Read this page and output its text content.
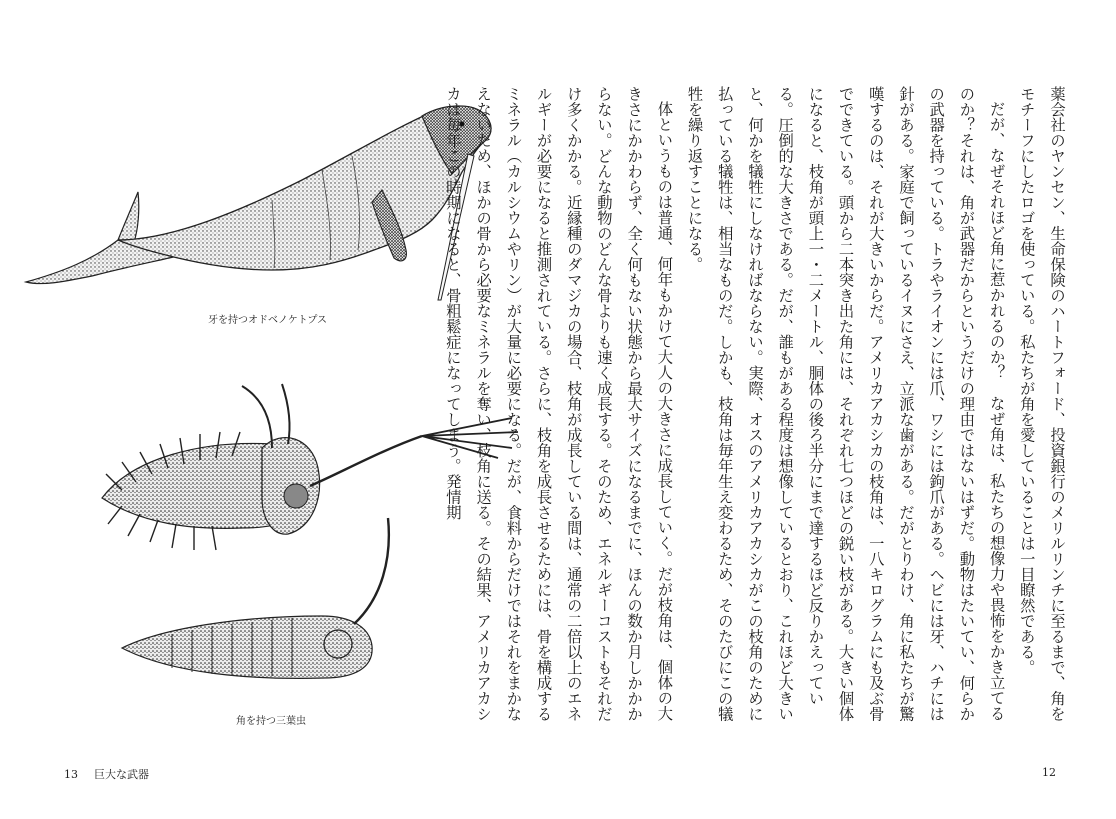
牙を持つオドベノケトプス
角を持つ三葉虫
13 巨大な武器

薬会社のヤンセン、生命保険のハートフォード、投資銀行のメリルリンチに至るまで、角をモチーフにしたロゴを使っている。私たちが角を愛していることは一目瞭然である。

だが、なぜそれほど角に惹かれるのか？　なぜ角は、私たちの想像力や畏怖をかき立てるのか？それは、角が武器だからというだけの理由ではないはずだ。動物はたいてい、何らかの武器を持っている。トラやライオンには爪、ワシには鉤爪がある。ヘビには牙、ハチには針がある。家庭で飼っているイヌにさえ、立派な歯がある。だがとりわけ、角に私たちが驚嘆するのは、それが大きいからだ。アメリカアカシカの枝角は、一八キログラムにも及ぶ骨でできている。頭から二本突き出た角には、それぞれ七つほどの鋭い枝がある。大きい個体になると、枝角が頭上一・二メートル、胴体の後ろ半分にまで達するほど反りかえっている。圧倒的な大きさである。だが、誰もがある程度は想像しているとおり、これほど大きいと、何かを犠牲にしなければならない。実際、オスのアメリカアカシカがこの枝角のために払っている犠牲は、相当なものだ。しかも、枝角は毎年生え変わるため、そのたびにこの犠牲を繰り返すことになる。

体というものは普通、何年もかけて大人の大きさに成長していく。だが枝角は、個体の大きさにかかわらず、全く何もない状態から最大サイズになるまでに、ほんの数か月しかかからない。どんな動物のどんな骨よりも速く成長する。そのため、エネルギーコストもそれだけ多くかかる。近縁種のダマジカの場合、枝角が成長している間は、通常の二倍以上のエネルギーが必要になると推測されている。さらに、枝角を成長させるためには、骨を構成するミネラル（カルシウムやリン）が大量に必要になる。だが、食料からだけではそれをまかなえないため、ほかの骨から必要なミネラルを奪い、枝角に送る。その結果、アメリカアカシカは毎年この時期になると、骨粗鬆症になってしまう。発情期

12
